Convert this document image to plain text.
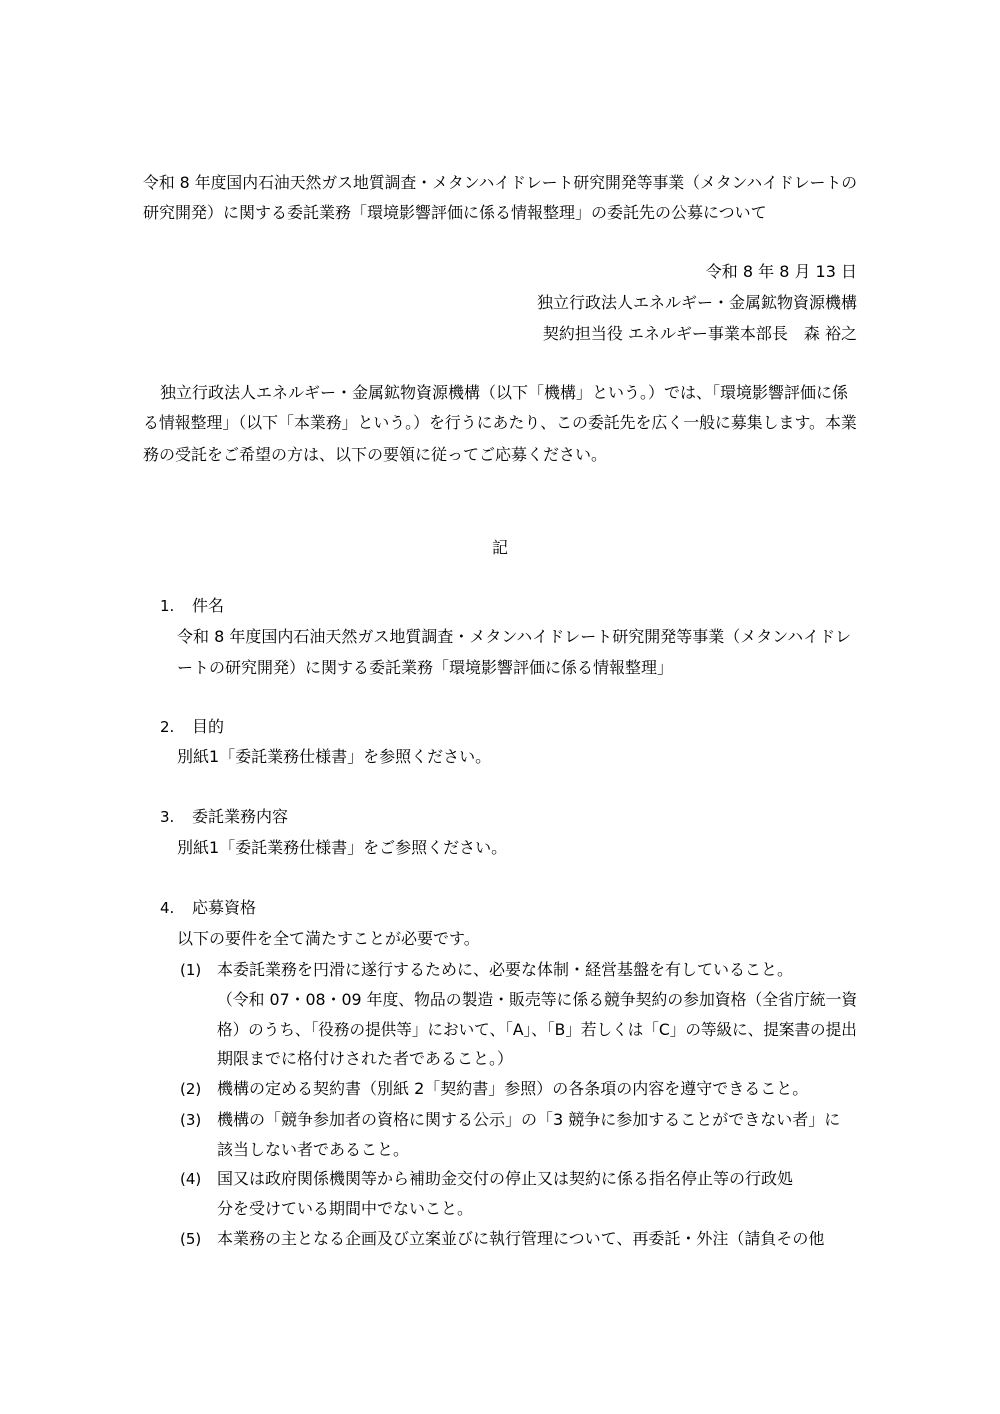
令和 8 年度国内石油天然ガス地質調査・メタンハイドレート研究開発等事業（メタンハイドレートの
研究開発）に関する委託業務「環境影響評価に係る情報整理」の委託先の公募について
令和 8 年 8 月 13 日
独立行政法人エネルギー・金属鉱物資源機構
契約担当役 エネルギー事業本部長　森 裕之
独立行政法人エネルギー・金属鉱物資源機構（以下「機構」という。）では、「環境影響評価に係
る情報整理」（以下「本業務」という。）を行うにあたり、この委託先を広く一般に募集します。本業
務の受託をご希望の方は、以下の要領に従ってご応募ください。
記
1. 件名
令和 8 年度国内石油天然ガス地質調査・メタンハイドレート研究開発等事業（メタンハイドレ
ートの研究開発）に関する委託業務「環境影響評価に係る情報整理」
2. 目的
別紙1「委託業務仕様書」を参照ください。
3. 委託業務内容
別紙1「委託業務仕様書」をご参照ください。
4. 応募資格
以下の要件を全て満たすことが必要です。
(1) 本委託業務を円滑に遂行するために、必要な体制・経営基盤を有していること。
（令和 07・08・09 年度、物品の製造・販売等に係る競争契約の参加資格（全省庁統一資
格）のうち、「役務の提供等」において、「A」、「B」若しくは「C」の等級に、提案書の提出
期限までに格付けされた者であること。）
(2) 機構の定める契約書（別紙 2「契約書」参照）の各条項の内容を遵守できること。
(3) 機構の「競争参加者の資格に関する公示」の「3 競争に参加することができない者」に
該当しない者であること。
(4) 国又は政府関係機関等から補助金交付の停止又は契約に係る指名停止等の行政処
分を受けている期間中でないこと。
(5) 本業務の主となる企画及び立案並びに執行管理について、再委託・外注（請負その他
